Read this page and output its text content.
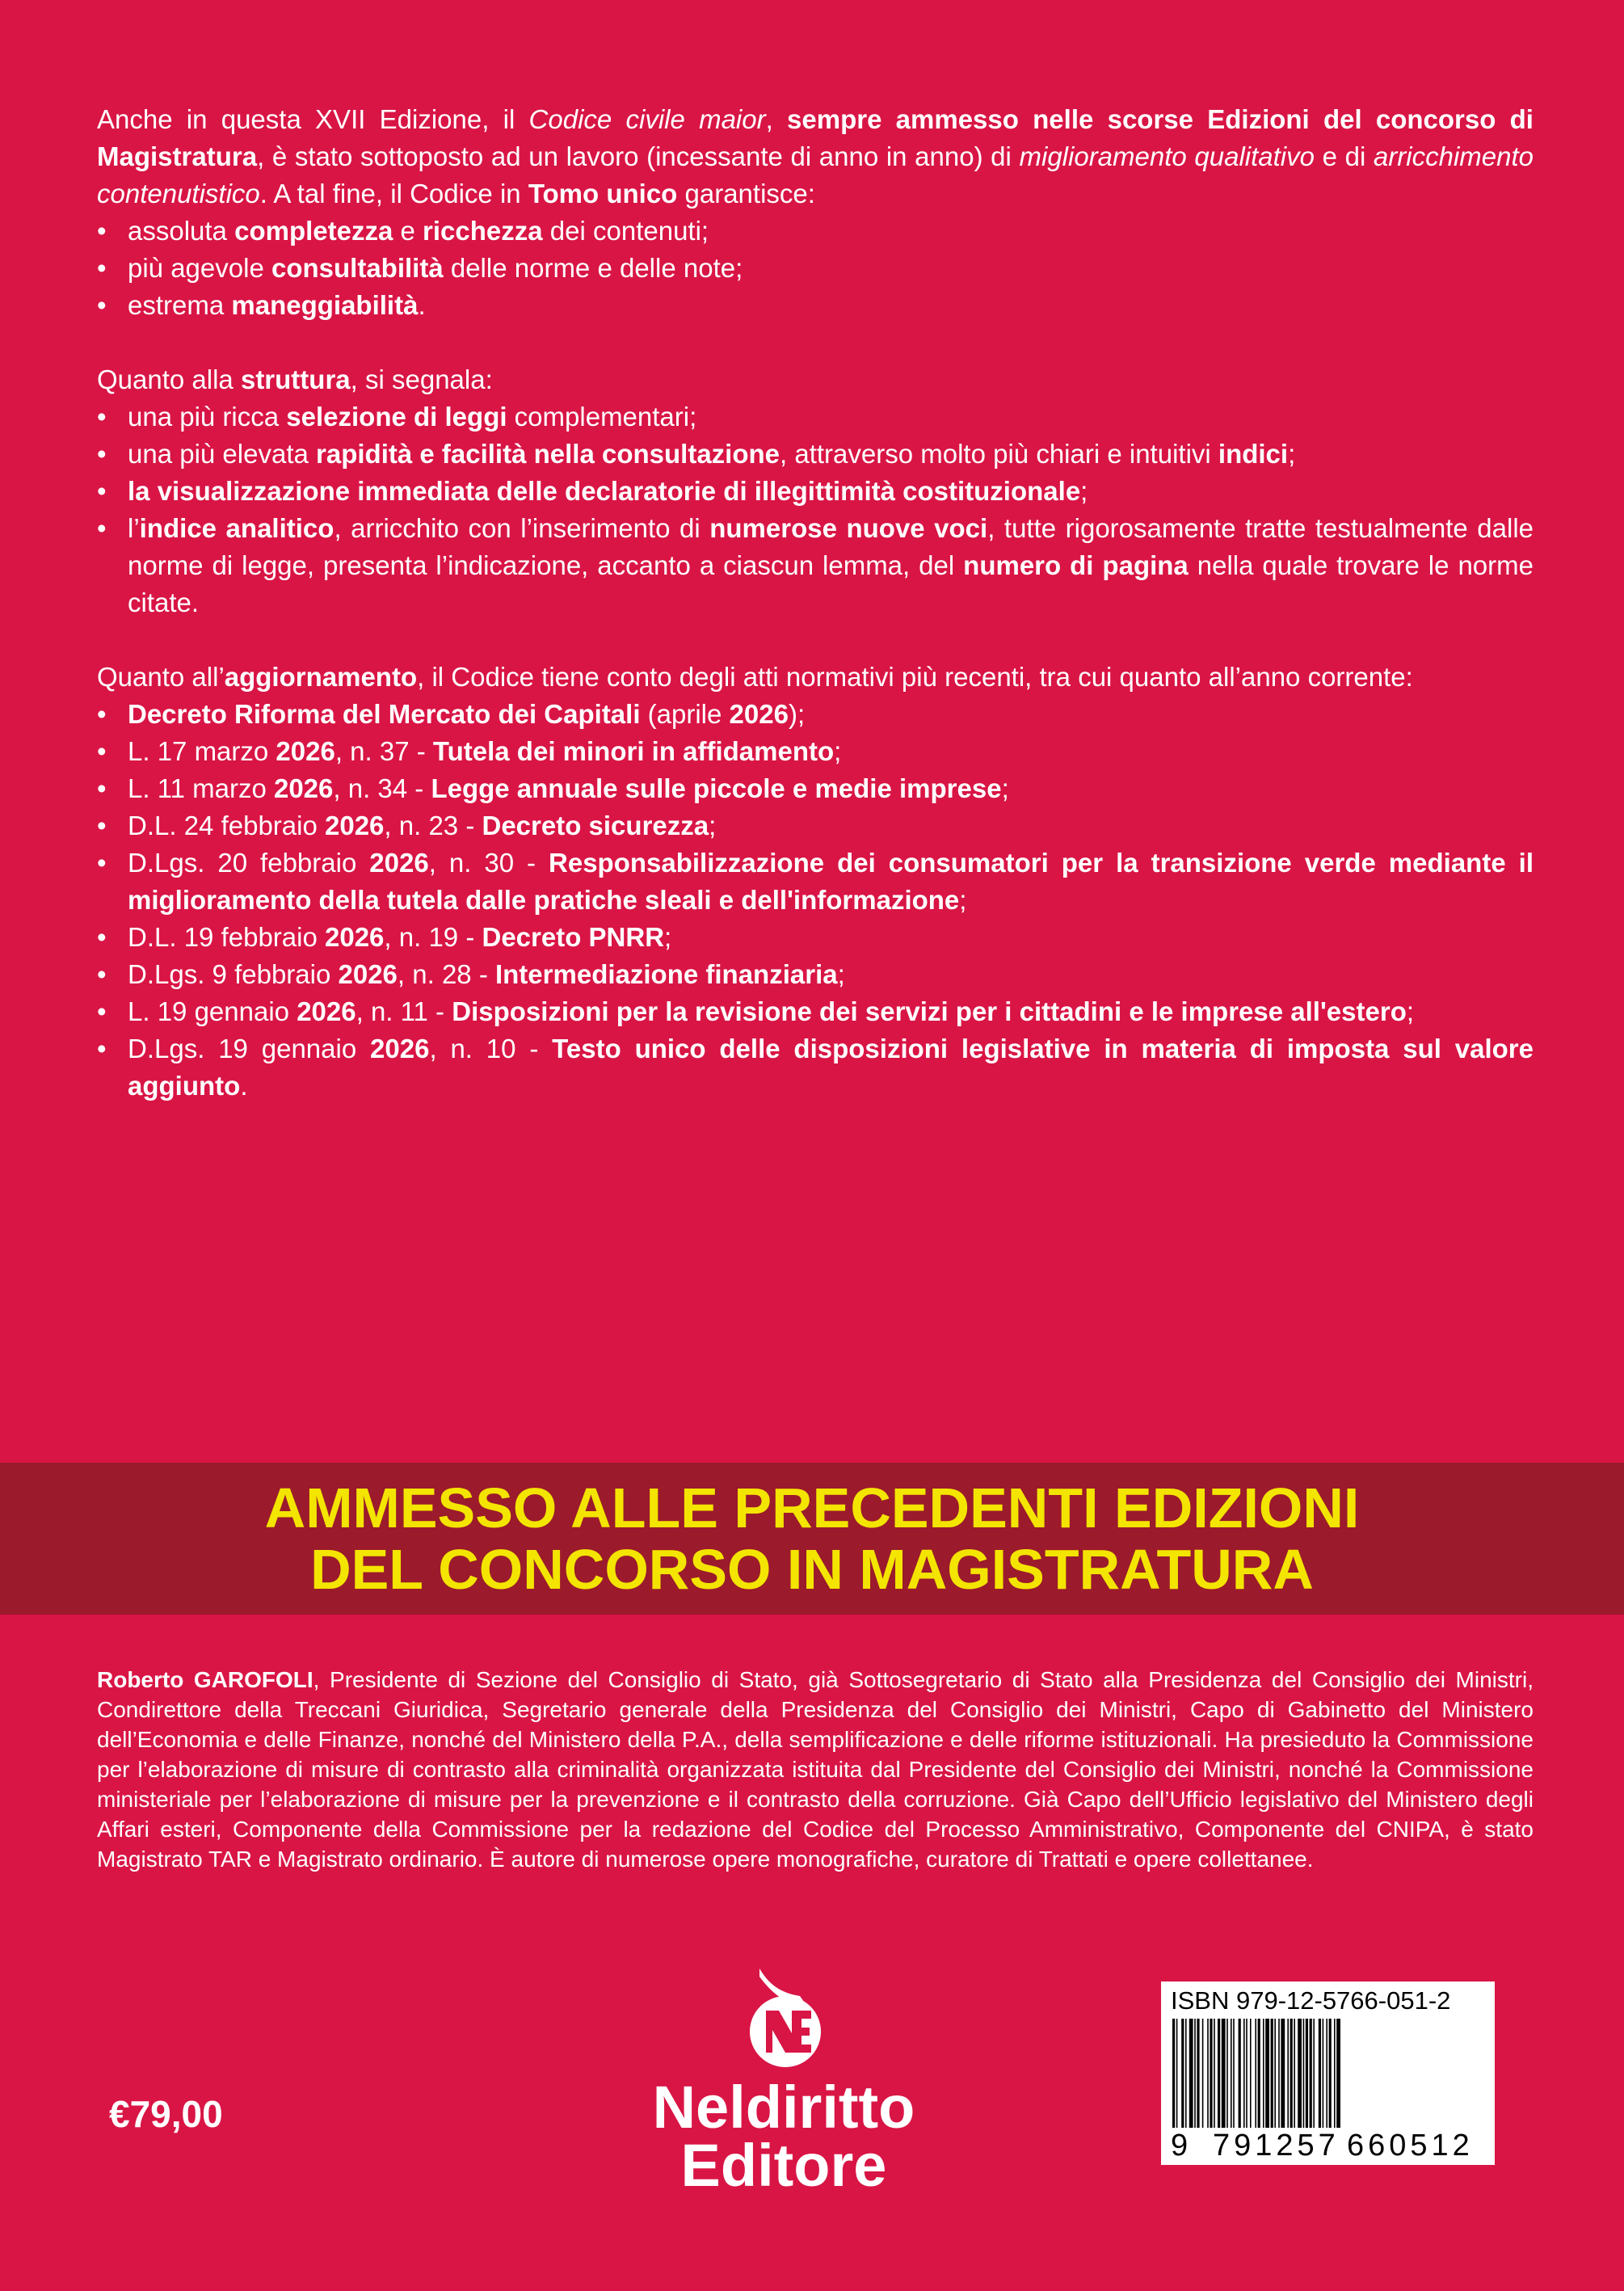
Anche in questa XVII Edizione, il Codice civile maior, sempre ammesso nelle scorse Edizioni del concorso di Magistratura, è stato sottoposto ad un lavoro (incessante di anno in anno) di miglioramento qualitativo e di arricchimento contenutistico. A tal fine, il Codice in Tomo unico garantisce:

• assoluta completezza e ricchezza dei contenuti;
• più agevole consultabilità delle norme e delle note;
• estrema maneggiabilità.

Quanto alla struttura, si segnala:

• una più ricca selezione di leggi complementari;
• una più elevata rapidità e facilità nella consultazione, attraverso molto più chiari e intuitivi indici;
• la visualizzazione immediata delle declaratorie di illegittimità costituzionale;
• l’indice analitico, arricchito con l’inserimento di numerose nuove voci, tutte rigorosamente tratte testualmente dalle norme di legge, presenta l’indicazione, accanto a ciascun lemma, del numero di pagina nella quale trovare le norme citate.

Quanto all’aggiornamento, il Codice tiene conto degli atti normativi più recenti, tra cui quanto all’anno corrente:

• Decreto Riforma del Mercato dei Capitali (aprile 2026);
• L. 17 marzo 2026, n. 37 - Tutela dei minori in affidamento;
• L. 11 marzo 2026, n. 34 - Legge annuale sulle piccole e medie imprese;
• D.L. 24 febbraio 2026, n. 23 - Decreto sicurezza;
• D.Lgs. 20 febbraio 2026, n. 30 - Responsabilizzazione dei consumatori per la transizione verde mediante il miglioramento della tutela dalle pratiche sleali e dell'informazione;
• D.L. 19 febbraio 2026, n. 19 - Decreto PNRR;
• D.Lgs. 9 febbraio 2026, n. 28 - Intermediazione finanziaria;
• L. 19 gennaio 2026, n. 11 - Disposizioni per la revisione dei servizi per i cittadini e le imprese all'estero;
• D.Lgs. 19 gennaio 2026, n. 10 - Testo unico delle disposizioni legislative in materia di imposta sul valore aggiunto.
AMMESSO ALLE PRECEDENTI EDIZIONI
DEL CONCORSO IN MAGISTRATURA

Roberto GAROFOLI, Presidente di Sezione del Consiglio di Stato, già Sottosegretario di Stato alla Presidenza del Consiglio dei Ministri, Condirettore della Treccani Giuridica, Segretario generale della Presidenza del Consiglio dei Ministri, Capo di Gabinetto del Ministero dell’Economia e delle Finanze, nonché del Ministero della P.A., della semplificazione e delle riforme istituzionali. Ha presieduto la Commissione per l’elaborazione di misure di contrasto alla criminalità organizzata istituita dal Presidente del Consiglio dei Ministri, nonché la Commissione ministeriale per l’elaborazione di misure per la prevenzione e il contrasto della corruzione. Già Capo dell’Ufficio legislativo del Ministero degli Affari esteri, Componente della Commissione per la redazione del Codice del Processo Amministrativo, Componente del CNIPA, è stato Magistrato TAR e Magistrato ordinario. È autore di numerose opere monografiche, curatore di Trattati e opere collettanee.

€79,00	Neldiritto
Editore
ISBN 979-12-5766-051-2
9 791257 660512
